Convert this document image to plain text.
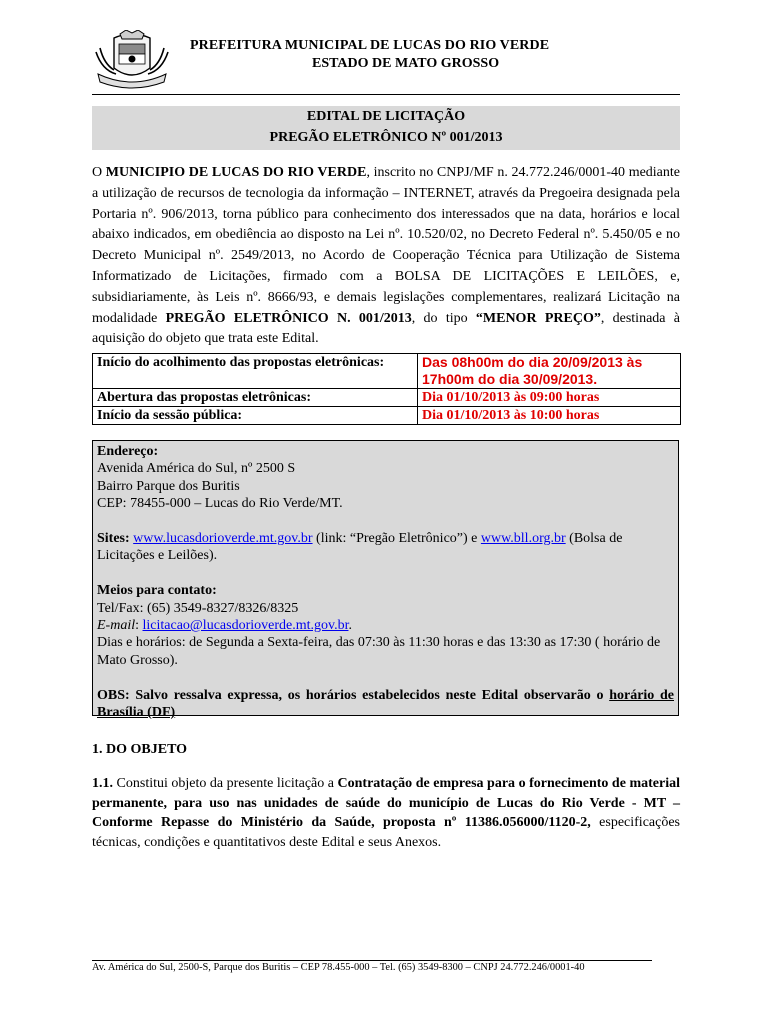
PREFEITURA MUNICIPAL DE LUCAS DO RIO VERDE
ESTADO DE MATO GROSSO
EDITAL DE LICITAÇÃO
PREGÃO ELETRÔNICO Nº 001/2013

O MUNICIPIO DE LUCAS DO RIO VERDE, inscrito no CNPJ/MF n. 24.772.246/0001-40 mediante a utilização de recursos de tecnologia da informação – INTERNET, através da Pregoeira designada pela Portaria nº. 906/2013, torna público para conhecimento dos interessados que na data, horários e local abaixo indicados, em obediência ao disposto na Lei nº. 10.520/02, no Decreto Federal nº. 5.450/05 e no Decreto Municipal nº. 2549/2013, no Acordo de Cooperação Técnica para Utilização de Sistema Informatizado de Licitações, firmado com a BOLSA DE LICITAÇÕES E LEILÕES, e, subsidiariamente, às Leis nº. 8666/93, e demais legislações complementares, realizará Licitação na modalidade PREGÃO ELETRÔNICO N. 001/2013, do tipo “MENOR PREÇO”, destinada à aquisição do objeto que trata este Edital.

Início do acolhimento das propostas eletrônicas:	Das 08h00m do dia 20/09/2013 às 17h00m do dia 30/09/2013.
Abertura das propostas eletrônicas:	Dia 01/10/2013 às 09:00 horas
Início da sessão pública:	Dia 01/10/2013 às 10:00 horas

Endereço:

Avenida América do Sul, nº 2500 S

Bairro Parque dos Buritis

CEP: 78455-000 – Lucas do Rio Verde/MT.

Sites: www.lucasdorioverde.mt.gov.br (link: “Pregão Eletrônico”) e www.bll.org.br (Bolsa de Licitações e Leilões).

Meios para contato:

Tel/Fax: (65) 3549-8327/8326/8325

E-mail: licitacao@lucasdorioverde.mt.gov.br.

Dias e horários: de Segunda a Sexta-feira, das 07:30 às 11:30 horas e das 13:30 as 17:30 ( horário de Mato Grosso).

OBS: Salvo ressalva expressa, os horários estabelecidos neste Edital observarão o horário de Brasília (DF)

1. DO OBJETO

1.1. Constitui objeto da presente licitação a Contratação de empresa para o fornecimento de material permanente, para uso nas unidades de saúde do município de Lucas do Rio Verde - MT – Conforme Repasse do Ministério da Saúde, proposta nº 11386.056000/1120-2, especificações técnicas, condições e quantitativos deste Edital e seus Anexos.

Av. América do Sul, 2500-S, Parque dos Buritis – CEP 78.455-000 – Tel. (65) 3549-8300 – CNPJ 24.772.246/0001-40
